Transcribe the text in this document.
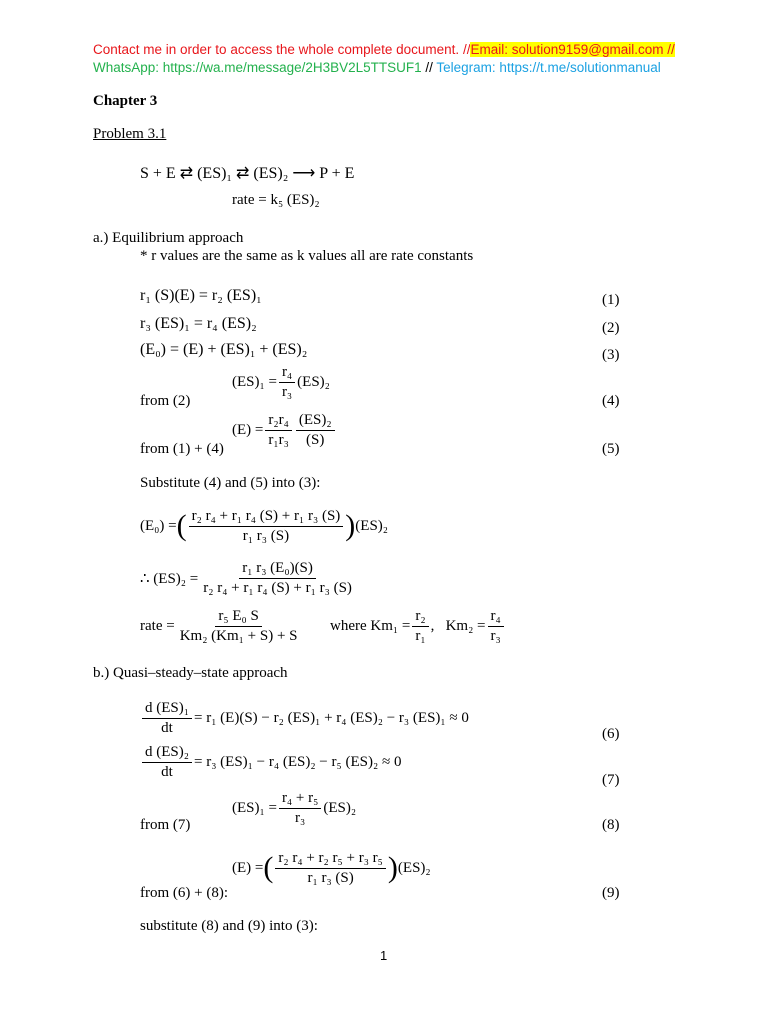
Contact me in order to access the whole complete document. //Email: solution9159@gmail.com //
WhatsApp: https://wa.me/message/2H3BV2L5TTSUF1 // Telegram: https://t.me/solutionmanual
Chapter 3
Problem 3.1
S + E ⇄ (ES)₁ ⇄ (ES)₂ ⟶ P + E
rate = k₅ (ES)₂
a.) Equilibrium approach
* r values are the same as k values all are rate constants
r₁ (S)(E) = r₂ (ES)₁	(1)
r₃ (ES)₁ = r₄ (ES)₂	(2)
(E₀) = (E) + (ES)₁ + (ES)₂	(3)
$(ES)_1 = \frac{\text{r₄}}{\text{r₃}} (ES)_2$
from (2)	(4)
$(E) = \frac{\text{r₂r₄}}{\text{r₁r₃}} \frac{\text{(ES)₂}}{(S)}$
from (1) + (4)	(5)
Substitute (4) and (5) into (3):
(E₀) = ( $\frac{\text{r₂ r₄ + r₁ r₄ (S) + r₁ r₃ (S)}}{\text{r₁ r₃ (S)}}$ ) (ES)₂
∴ $(ES)_2 = \frac{\text{r₁ r₃ (E₀)(S)}}{\text{r₂ r₄ + r₁ r₄ (S) + r₁ r₃ (S)}}$
rate = $\frac{\text{r₅ E₀ S}}{\text{Km₂ (Km₁ + S) + S}}$ where $Km_1 = \frac{\text{r₂}}{\text{r₁}}$ ,   $Km_2 = \frac{\text{r₄}}{\text{r₃}}$
b.) Quasi–steady–state approach
$\frac{\text{d (ES)₁}}{dt} = r_1$ (E)(S) − r₂ (ES)₁ + r₄ (ES)₂ − r₃ (ES)₁ ≈ 0
(6)
$\frac{\text{d (ES)₂}}{dt} = r_3$ (ES)₁ − r₄ (ES)₂ − r₅ (ES)₂ ≈ 0
(7)
$(ES)_1 = \frac{\text{r₄ + r₅}}{\text{r₃}} (ES)_2$
from (7)	(8)
(E) = ( $\frac{\text{r₂ r₄ + r₂ r₅ + r₃ r₅}}{\text{r₁ r₃ (S)}}$ ) (ES)₂
from (6) + (8):	(9)
substitute (8) and (9) into (3):
1
